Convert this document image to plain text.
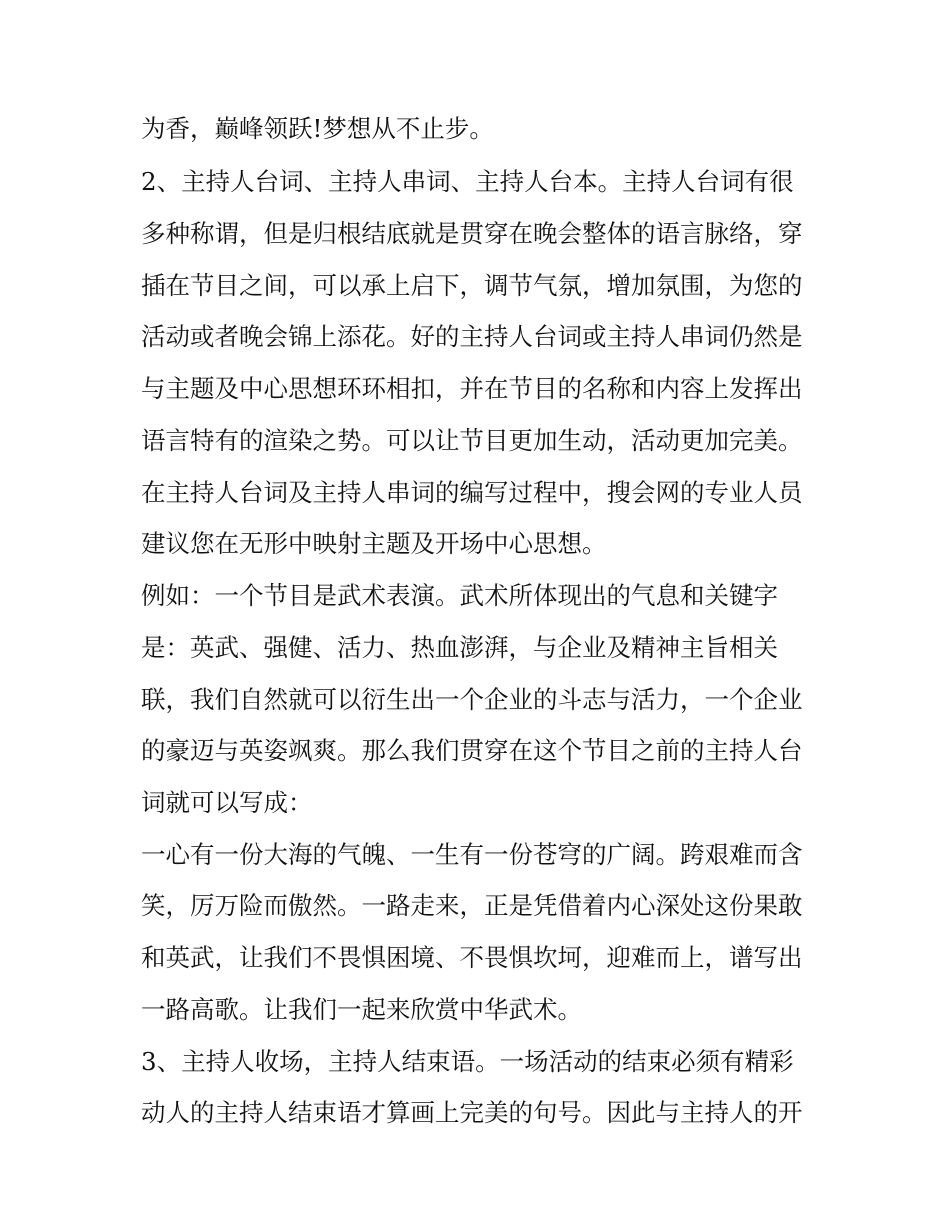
为香，巅峰领跃!梦想从不止步。
2、主持人台词、主持人串词、主持人台本。主持人台词有很
多种称谓，但是归根结底就是贯穿在晚会整体的语言脉络，穿
插在节目之间，可以承上启下，调节气氛，增加氛围，为您的
活动或者晚会锦上添花。好的主持人台词或主持人串词仍然是
与主题及中心思想环环相扣，并在节目的名称和内容上发挥出
语言特有的渲染之势。可以让节目更加生动，活动更加完美。
在主持人台词及主持人串词的编写过程中，搜会网的专业人员
建议您在无形中映射主题及开场中心思想。
例如：一个节目是武术表演。武术所体现出的气息和关键字
是：英武、强健、活力、热血澎湃，与企业及精神主旨相关
联，我们自然就可以衍生出一个企业的斗志与活力，一个企业
的豪迈与英姿飒爽。那么我们贯穿在这个节目之前的主持人台
词就可以写成：
一心有一份大海的气魄、一生有一份苍穹的广阔。跨艰难而含
笑，厉万险而傲然。一路走来，正是凭借着内心深处这份果敢
和英武，让我们不畏惧困境、不畏惧坎坷，迎难而上，谱写出
一路高歌。让我们一起来欣赏中华武术。
3、主持人收场，主持人结束语。一场活动的结束必须有精彩
动人的主持人结束语才算画上完美的句号。因此与主持人的开
